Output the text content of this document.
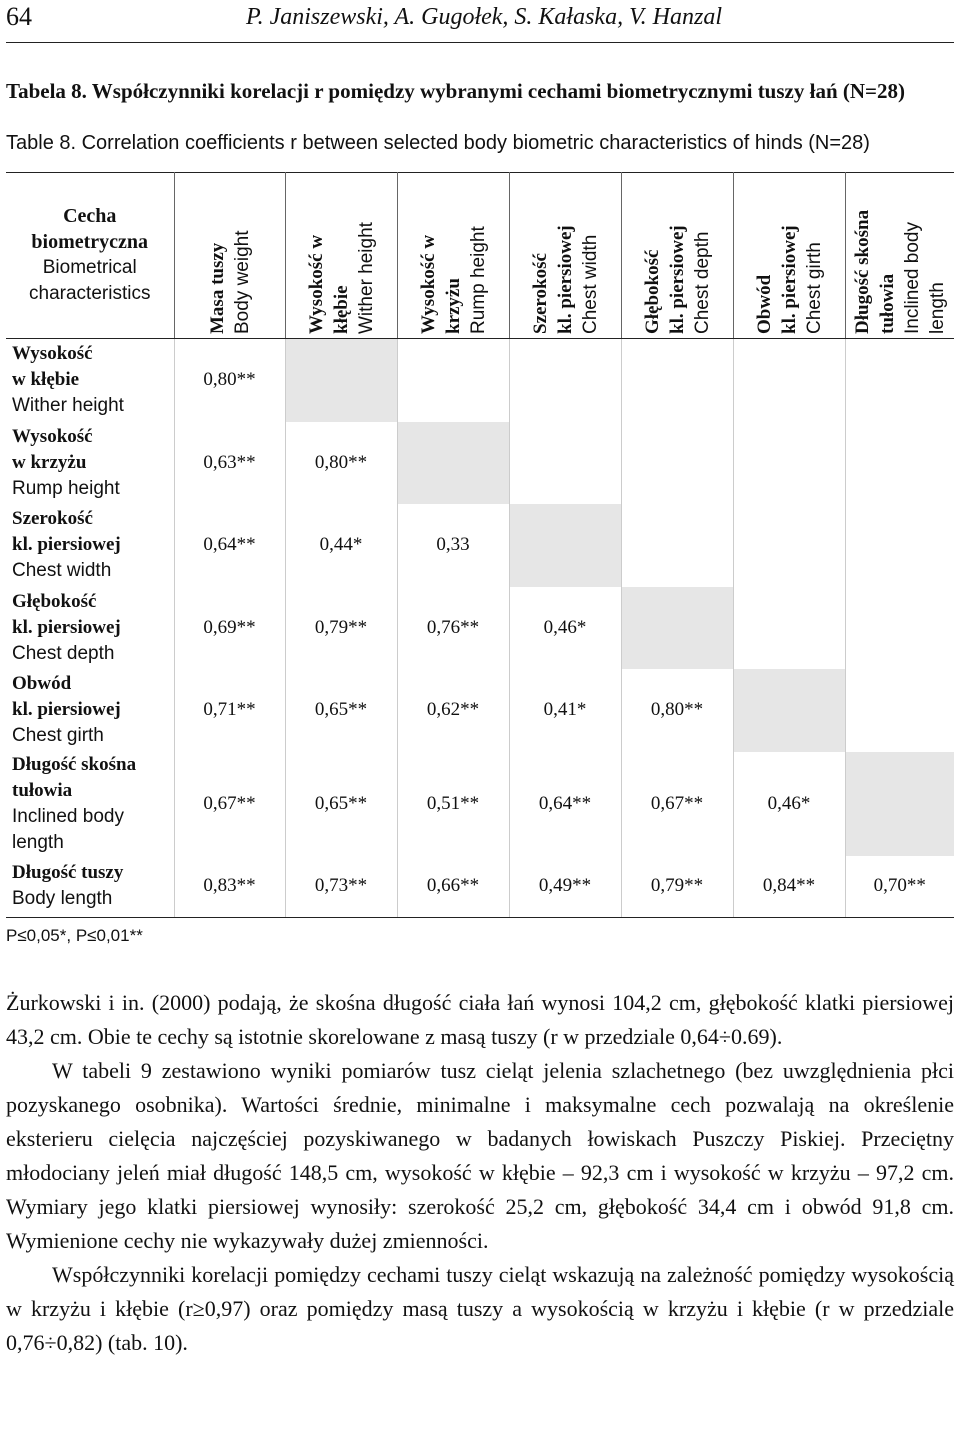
64	P. Janiszewski, A. Gugołek, S. Kałaska, V. Hanzal
Tabela 8. Współczynniki korelacji r pomiędzy wybranymi cechami biometrycznymi tuszy łań (N=28)
Table 8. Correlation coefficients r between selected body biometric characteristics of hinds (N=28)
Cecha
biometryczna
Biometrical
characteristics	Masa tuszy Body weight	Wysokość w kłębie Wither height	Wysokość w krzyżu Rump height	Szerokość kl. piersiowej Chest width	Głębokość kl. piersiowej Chest depth	Obwód kl. piersiowej Chest girth	Długość skośna tułowia Inclined body length

Wysokość
w kłębie
Wither height	0,80**						

Wysokość
w krzyżu
Rump height	0,63**	0,80**					

Szerokość
kl. piersiowej
Chest width	0,64**	0,44*	0,33				

Głębokość
kl. piersiowej
Chest depth	0,69**	0,79**	0,76**	0,46*			

Obwód
kl. piersiowej
Chest girth	0,71**	0,65**	0,62**	0,41*	0,80**		

Długość skośna
tułowia
Inclined body
length	0,67**	0,65**	0,51**	0,64**	0,67**	0,46*	

Długość tuszy
Body length	0,83**	0,73**	0,66**	0,49**	0,79**	0,84**	0,70**
P≤0,05*, P≤0,01**

Żurkowski i in. (2000) podają, że skośna długość ciała łań wynosi 104,2 cm, głębokość klatki piersiowej 43,2 cm. Obie te cechy są istotnie skorelowane z masą tuszy (r w przedziale 0,64÷0.69).

W tabeli 9 zestawiono wyniki pomiarów tusz cieląt jelenia szlachetnego (bez uwzględnienia płci pozyskanego osobnika). Wartości średnie, minimalne i maksymalne cech pozwalają na określenie eksterieru cielęcia najczęściej pozyskiwanego w badanych łowiskach Puszczy Piskiej. Przeciętny młodociany jeleń miał długość 148,5 cm, wysokość w kłębie – 92,3 cm i wysokość w krzyżu – 97,2 cm. Wymiary jego klatki piersiowej wynosiły: szerokość 25,2 cm, głębokość 34,4 cm i obwód 91,8 cm. Wymienione cechy nie wykazywały dużej zmienności.

Współczynniki korelacji pomiędzy cechami tuszy cieląt wskazują na zależność pomiędzy wysokością w krzyżu i kłębie (r≥0,97) oraz pomiędzy masą tuszy a wysokością w krzyżu i kłębie (r w przedziale 0,76÷0,82) (tab. 10).
